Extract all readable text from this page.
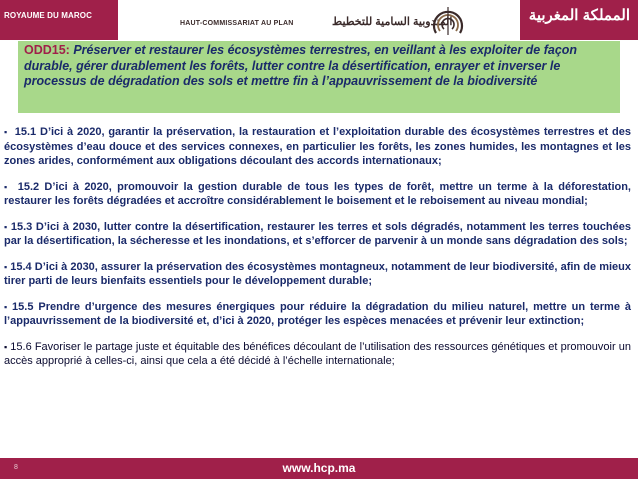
ROYAUME DU MAROC
HAUT-COMMISSARIAT AU PLAN	المندوبية السامية للتخطيط	المملكة المغربية

ODD15: Préserver et restaurer les écosystèmes terrestres, en veillant à les exploiter de façon durable, gérer durablement les forêts, lutter contre la désertification, enrayer et inverser le processus de dégradation des sols et mettre fin à l’appauvrissement de la biodiversité

▪ 15.1 D’ici à 2020, garantir la préservation, la restauration et l’exploitation durable des écosystèmes terrestres et des écosystèmes d’eau douce et des services connexes, en particulier les forêts, les zones humides, les montagnes et les zones arides, conformément aux obligations découlant des accords internationaux;

▪ 15.2 D’ici à 2020, promouvoir la gestion durable de tous les types de forêt, mettre un terme à la déforestation, restaurer les forêts dégradées et accroître considérablement le boisement et le reboisement au niveau mondial;

▪ 15.3 D’ici à 2030, lutter contre la désertification, restaurer les terres et sols dégradés, notamment les terres touchées par la désertification, la sécheresse et les inondations, et s’efforcer de parvenir à un monde sans dégradation des sols;

▪ 15.4 D’ici à 2030, assurer la préservation des écosystèmes montagneux, notamment de leur biodiversité, afin de mieux tirer parti de leurs bienfaits essentiels pour le développement durable;

▪ 15.5 Prendre d’urgence des mesures énergiques pour réduire la dégradation du milieu naturel, mettre un terme à l’appauvrissement de la biodiversité et, d’ici à 2020, protéger les espèces menacées et prévenir leur extinction;

▪ 15.6 Favoriser le partage juste et équitable des bénéfices découlant de l’utilisation des ressources génétiques et promouvoir un accès approprié à celles-ci, ainsi que cela a été décidé à l’échelle internationale;

8	www.hcp.ma
